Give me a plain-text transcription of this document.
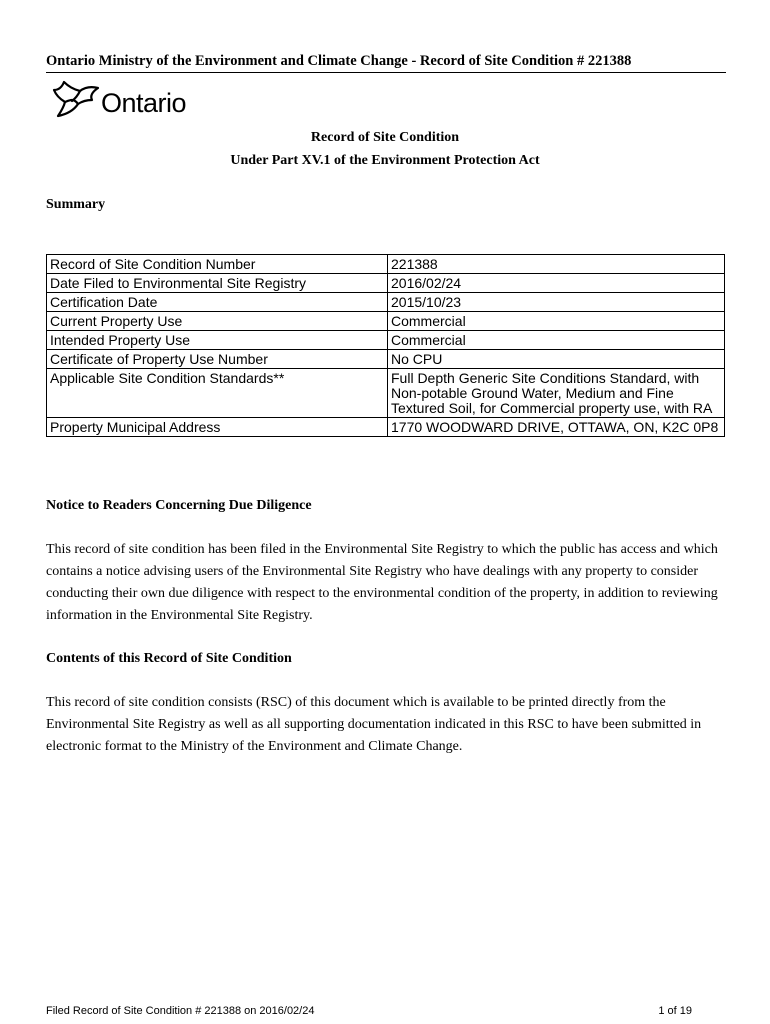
Ontario Ministry of the Environment and Climate Change - Record of Site Condition # 221388
Ontario
Record of Site Condition
Under Part XV.1 of the Environment Protection Act
Summary
Record of Site Condition Number	221388
Date Filed to Environmental Site Registry	2016/02/24
Certification Date	2015/10/23
Current Property Use	Commercial
Intended Property Use	Commercial
Certificate of Property Use Number	No CPU
Applicable Site Condition Standards**	Full Depth Generic Site Conditions Standard, with Non-potable Ground Water, Medium and Fine Textured Soil, for Commercial property use, with RA
Property Municipal Address	1770 WOODWARD DRIVE, OTTAWA, ON, K2C 0P8
Notice to Readers Concerning Due Diligence
This record of site condition has been filed in the Environmental Site Registry to which the public has access and which contains a notice advising users of the Environmental Site Registry who have dealings with any property to consider conducting their own due diligence with respect to the environmental condition of the property, in addition to reviewing information in the Environmental Site Registry.
Contents of this Record of Site Condition
This record of site condition consists (RSC) of this document which is available to be printed directly from the Environmental Site Registry as well as all supporting documentation indicated in this RSC to have been submitted in electronic format to the Ministry of the Environment and Climate Change.
Filed Record of Site Condition # 221388 on 2016/02/24	1 of 19
